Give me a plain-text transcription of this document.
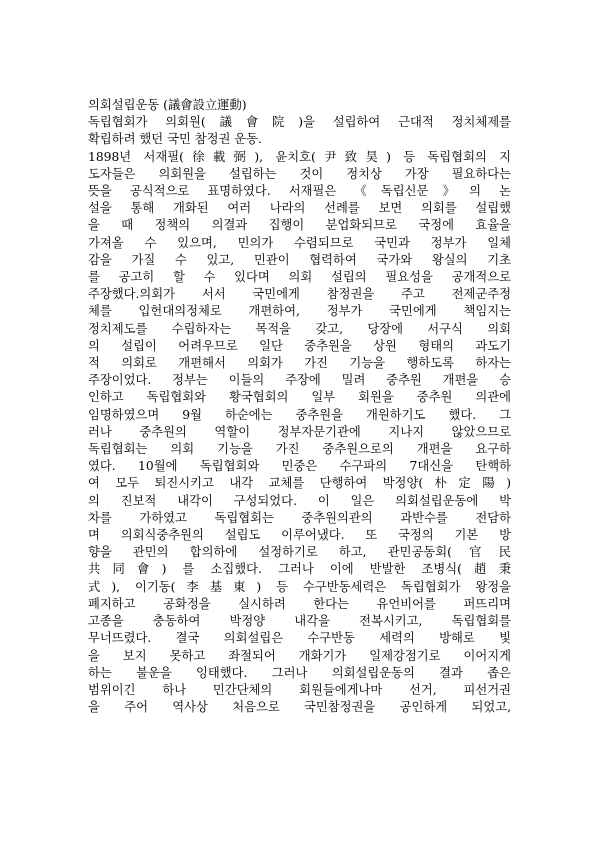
의회설립운동 (議會設立運動)

독립협회가 의회원(議會院)을 설립하여 근대적 정치체제를
확립하려 했던 국민 참정권 운동.
1898년 서재필(徐載弼), 윤치호(尹致昊) 등 독립협회의 지
도자들은 의회원을 설립하는 것이 정치상 가장 필요하다는
뜻을 공식적으로 표명하였다. 서재필은 《독립신문》의 논
설을 통해 개화된 여러 나라의 선례를 보면 의회를 설립했
을 때 정책의 의결과 집행이 분업화되므로 국정에 효율을
가져올 수 있으며, 민의가 수렴되므로 국민과 정부가 일체
감을 가질 수 있고, 민관이 협력하여 국가와 왕실의 기초
를 공고히 할 수 있다며 의회 설립의 필요성을 공개적으로
주장했다.의회가 서서 국민에게 참정권을 주고 전제군주정
체를 입헌대의정체로 개편하여, 정부가 국민에게 책임지는
정치제도를 수립하자는 목적을 갖고, 당장에 서구식 의회
의 설립이 어려우므로 일단 중추원을 상원 형태의 과도기
적 의회로 개편해서 의회가 가진 기능을 행하도록 하자는
주장이었다. 정부는 이들의 주장에 밀려 중추원 개편을 승
인하고 독립협회와 황국협회의 일부 회원을 중추원 의관에
임명하였으며 9월 하순에는 중추원을 개원하기도 했다. 그
러나 중추원의 역할이 정부자문기관에 지나지 않았으므로
독립협회는 의회 기능을 가진 중추원으로의 개편을 요구하
였다. 10월에 독립협회와 민중은 수구파의 7대신을 탄핵하
여 모두 퇴진시키고 내각 교체를 단행하여 박정양(朴定陽)
의 진보적 내각이 구성되었다. 이 일은 의회설립운동에 박
차를 가하였고 독립협회는 중추원의관의 과반수를 전담하
며 의회식중추원의 설립도 이루어냈다. 또 국정의 기본 방
향을 관민의 합의하에 설정하기로 하고, 관민공동회(官民
共同會) 를 소집했다. 그러나 이에 반발한 조병식(趙秉
式), 이기동(李基東) 등 수구반동세력은 독립협회가 왕정을
폐지하고 공화정을 실시하려 한다는 유언비어를 퍼뜨리며
고종을 충동하여 박정양 내각을 전복시키고, 독립협회를
무너뜨렸다. 결국 의회설립은 수구반동 세력의 방해로 빛
을 보지 못하고 좌절되어 개화기가 일제강점기로 이어지게
하는 불운을 잉태했다. 그러나 의회설립운동의 결과 좁은
범위이긴 하나 민간단체의 회원들에게나마 선거, 피선거권
을 주어 역사상 처음으로 국민참정권을 공인하게 되었고,
